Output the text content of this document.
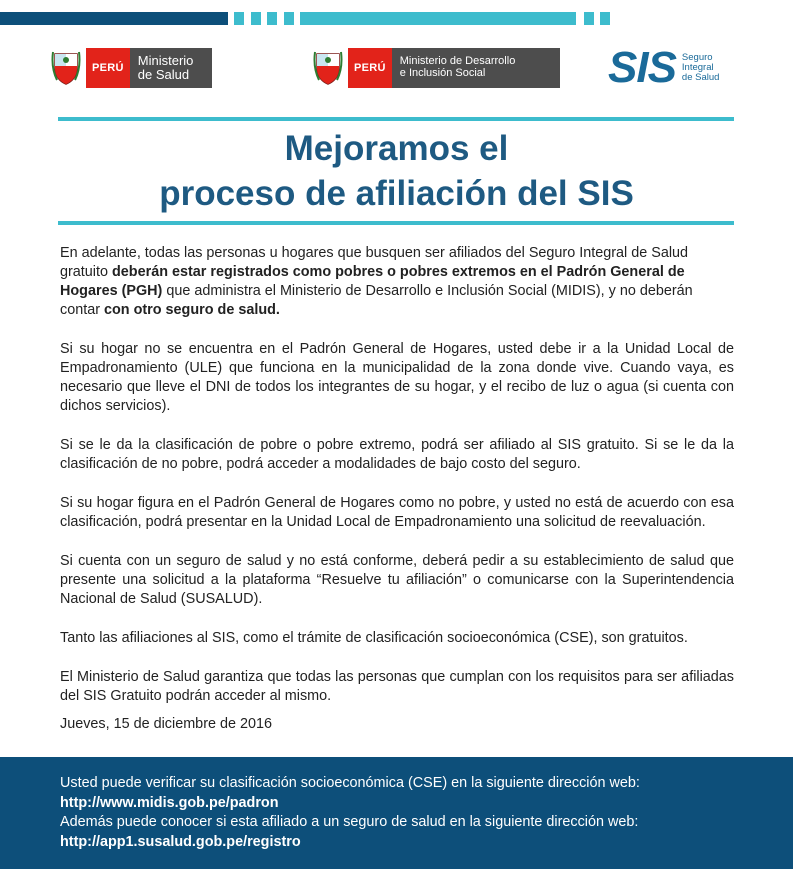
PERÚ	Ministerio
de Salud	PERÚ
Ministerio de Desarrollo
e Inclusión Social	SIS Seguro
Integral
de Salud
Mejoramos el
proceso de afiliación del SIS

En adelante, todas las personas u hogares que busquen ser afiliados del Seguro Integral de Salud gratuito deberán estar registrados como pobres o pobres extremos en el Padrón General de Hogares (PGH) que administra el Ministerio de Desarrollo e Inclusión Social (MIDIS), y no deberán contar con otro seguro de salud.

Si su hogar no se encuentra en el Padrón General de Hogares, usted debe ir a la Unidad Local de Empadronamiento (ULE) que funciona en la municipalidad de la zona donde vive. Cuando vaya, es necesario que lleve el DNI de todos los integrantes de su hogar, y el recibo de luz o agua (si cuenta con dichos servicios).

Si se le da la clasificación de pobre o pobre extremo, podrá ser afiliado al SIS gratuito. Si se le da la clasificación de no pobre, podrá acceder a modalidades de bajo costo del seguro.

Si su hogar figura en el Padrón General de Hogares como no pobre, y usted no está de acuerdo con esa clasificación, podrá presentar en la Unidad Local de Empadronamiento una solicitud de reevaluación.

Si cuenta con un seguro de salud y no está conforme, deberá pedir a su establecimiento de salud que presente una solicitud a la plataforma “Resuelve tu afiliación” o comunicarse con la Superintendencia Nacional de Salud (SUSALUD).

Tanto las afiliaciones al SIS, como el trámite de clasificación socioeconómica (CSE), son gratuitos.

El Ministerio de Salud garantiza que todas las personas que cumplan con los requisitos para ser afiliadas del SIS Gratuito podrán acceder al mismo.

Jueves, 15 de diciembre de 2016
Usted puede verificar su clasificación socioeconómica (CSE) en la siguiente dirección web:
http://www.midis.gob.pe/padron
Además puede conocer si esta afiliado a un seguro de salud en la siguiente dirección web:
http://app1.susalud.gob.pe/registro
